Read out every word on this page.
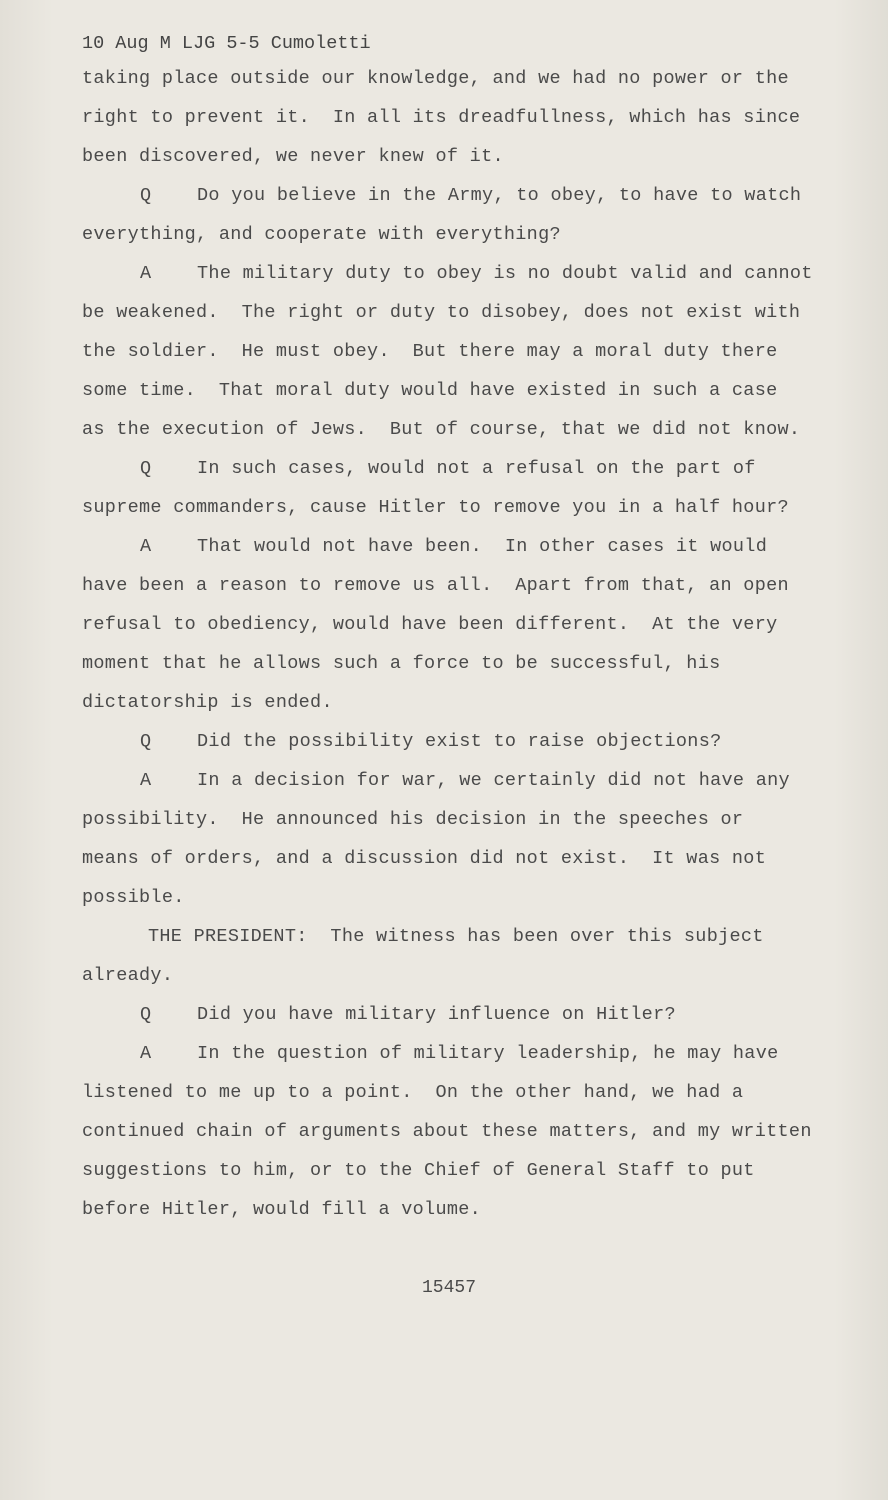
10 Aug M LJG 5-5 Cumoletti
taking place outside our knowledge, and we had no power or the
right to prevent it.  In all its dreadfullness, which has since
been discovered, we never knew of it.
Q    Do you believe in the Army, to obey, to have to watch
everything, and cooperate with everything?
A    The military duty to obey is no doubt valid and cannot
be weakened.  The right or duty to disobey, does not exist with
the soldier.  He must obey.  But there may a moral duty there
some time.  That moral duty would have existed in such a case
as the execution of Jews.  But of course, that we did not know.
Q    In such cases, would not a refusal on the part of
supreme commanders, cause Hitler to remove you in a half hour?
A    That would not have been.  In other cases it would
have been a reason to remove us all.  Apart from that, an open
refusal to obediency, would have been different.  At the very
moment that he allows such a force to be successful, his
dictatorship is ended.
Q    Did the possibility exist to raise objections?
A    In a decision for war, we certainly did not have any
possibility.  He announced his decision in the speeches or
means of orders, and a discussion did not exist.  It was not
possible.
THE PRESIDENT:  The witness has been over this subject
already.
Q    Did you have military influence on Hitler?
A    In the question of military leadership, he may have
listened to me up to a point.  On the other hand, we had a
continued chain of arguments about these matters, and my written
suggestions to him, or to the Chief of General Staff to put
before Hitler, would fill a volume.
15457
